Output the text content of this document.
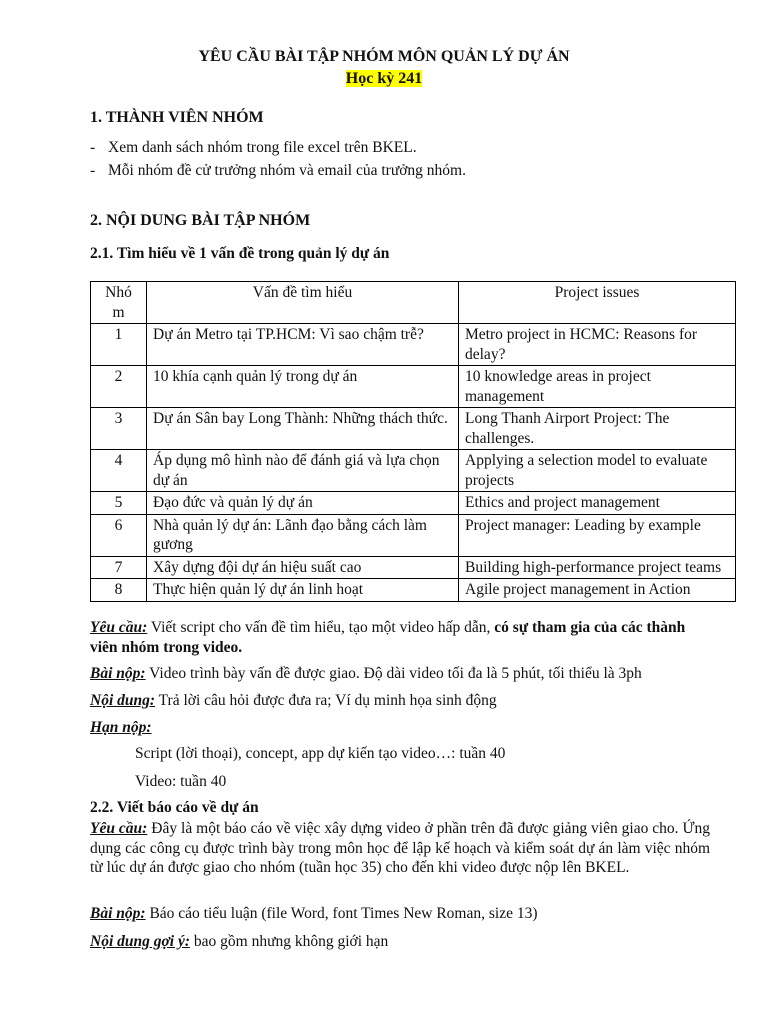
YÊU CẦU BÀI TẬP NHÓM MÔN QUẢN LÝ DỰ ÁN
Học kỳ 241
1. THÀNH VIÊN NHÓM
- Xem danh sách nhóm trong file excel trên BKEL.
- Mỗi nhóm đề cử trưởng nhóm và email của trưởng nhóm.
2. NỘI DUNG BÀI TẬP NHÓM
2.1. Tìm hiểu về 1 vấn đề trong quản lý dự án
Nhó m	Vấn đề tìm hiểu	Project issues
1	Dự án Metro tại TP.HCM: Vì sao chậm trễ?	Metro project in HCMC: Reasons for delay?
2	10 khía cạnh quản lý trong dự án	10 knowledge areas in project management
3	Dự án Sân bay Long Thành: Những thách thức.	Long Thanh Airport Project: The challenges.
4	Áp dụng mô hình nào để đánh giá và lựa chọn dự án	Applying a selection model to evaluate projects
5	Đạo đức và quản lý dự án	Ethics and project management
6	Nhà quản lý dự án: Lãnh đạo bằng cách làm gương	Project manager: Leading by example
7	Xây dựng đội dự án hiệu suất cao	Building high-performance project teams
8	Thực hiện quản lý dự án linh hoạt	Agile project management in Action
Yêu cầu: Viết script cho vấn đề tìm hiểu, tạo một video hấp dẫn, có sự tham gia của các thành viên nhóm trong video.
Bài nộp: Video trình bày vấn đề được giao. Độ dài video tối đa là 5 phút, tối thiểu là 3ph
Nội dung: Trả lời câu hỏi được đưa ra; Ví dụ minh họa sinh động
Hạn nộp:
Script (lời thoại), concept, app dự kiến tạo video…: tuần 40
Video: tuần 40
2.2. Viết báo cáo về dự án
Yêu cầu: Đây là một báo cáo về việc xây dựng video ở phần trên đã được giảng viên giao cho. Ứng dụng các công cụ được trình bày trong môn học để lập kế hoạch và kiểm soát dự án làm việc nhóm từ lúc dự án được giao cho nhóm (tuần học 35) cho đến khi video được nộp lên BKEL.
Bài nộp: Báo cáo tiểu luận (file Word, font Times New Roman, size 13)
Nội dung gợi ý: bao gồm nhưng không giới hạn
